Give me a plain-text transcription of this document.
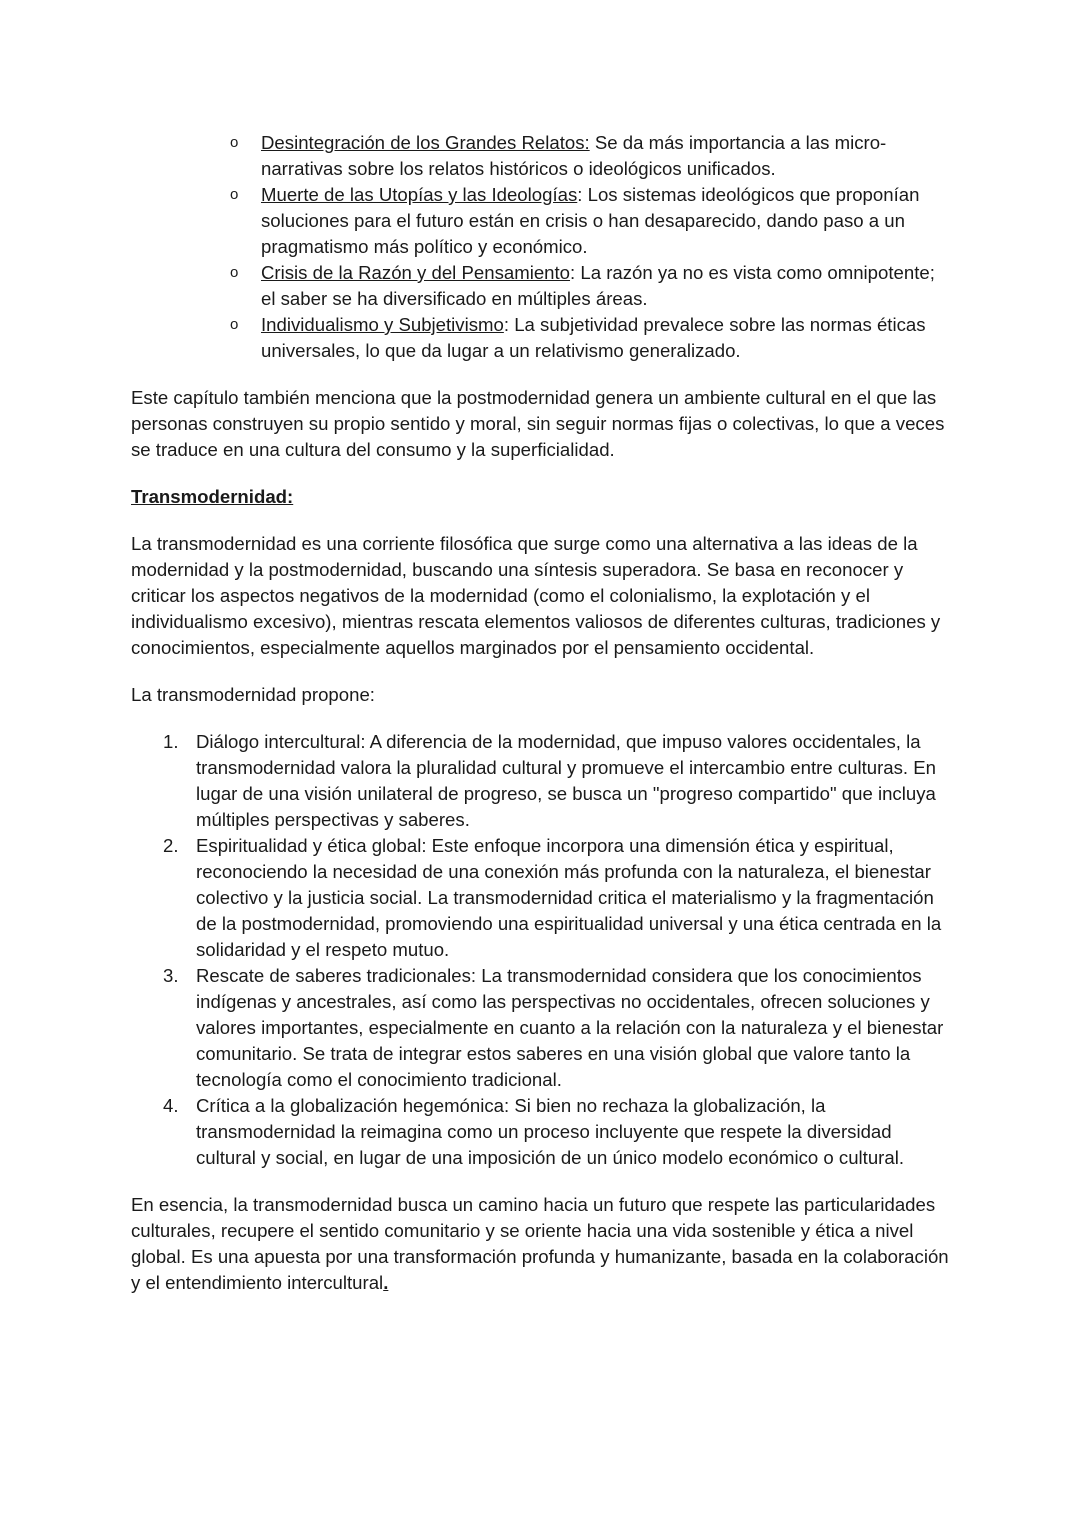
o Desintegración de los Grandes Relatos: Se da más importancia a las micro-narrativas sobre los relatos históricos o ideológicos unificados.
o Muerte de las Utopías y las Ideologías: Los sistemas ideológicos que proponían soluciones para el futuro están en crisis o han desaparecido, dando paso a un pragmatismo más político y económico.
o Crisis de la Razón y del Pensamiento: La razón ya no es vista como omnipotente; el saber se ha diversificado en múltiples áreas.
o Individualismo y Subjetivismo: La subjetividad prevalece sobre las normas éticas universales, lo que da lugar a un relativismo generalizado.

Este capítulo también menciona que la postmodernidad genera un ambiente cultural en el que las personas construyen su propio sentido y moral, sin seguir normas fijas o colectivas, lo que a veces se traduce en una cultura del consumo y la superficialidad.

Transmodernidad:

La transmodernidad es una corriente filosófica que surge como una alternativa a las ideas de la modernidad y la postmodernidad, buscando una síntesis superadora. Se basa en reconocer y criticar los aspectos negativos de la modernidad (como el colonialismo, la explotación y el individualismo excesivo), mientras rescata elementos valiosos de diferentes culturas, tradiciones y conocimientos, especialmente aquellos marginados por el pensamiento occidental.

La transmodernidad propone:

1. Diálogo intercultural: A diferencia de la modernidad, que impuso valores occidentales, la transmodernidad valora la pluralidad cultural y promueve el intercambio entre culturas. En lugar de una visión unilateral de progreso, se busca un "progreso compartido" que incluya múltiples perspectivas y saberes.
2. Espiritualidad y ética global: Este enfoque incorpora una dimensión ética y espiritual, reconociendo la necesidad de una conexión más profunda con la naturaleza, el bienestar colectivo y la justicia social. La transmodernidad critica el materialismo y la fragmentación de la postmodernidad, promoviendo una espiritualidad universal y una ética centrada en la solidaridad y el respeto mutuo.
3. Rescate de saberes tradicionales: La transmodernidad considera que los conocimientos indígenas y ancestrales, así como las perspectivas no occidentales, ofrecen soluciones y valores importantes, especialmente en cuanto a la relación con la naturaleza y el bienestar comunitario. Se trata de integrar estos saberes en una visión global que valore tanto la tecnología como el conocimiento tradicional.
4. Crítica a la globalización hegemónica: Si bien no rechaza la globalización, la transmodernidad la reimagina como un proceso incluyente que respete la diversidad cultural y social, en lugar de una imposición de un único modelo económico o cultural.

En esencia, la transmodernidad busca un camino hacia un futuro que respete las particularidades culturales, recupere el sentido comunitario y se oriente hacia una vida sostenible y ética a nivel global. Es una apuesta por una transformación profunda y humanizante, basada en la colaboración y el entendimiento intercultural.
